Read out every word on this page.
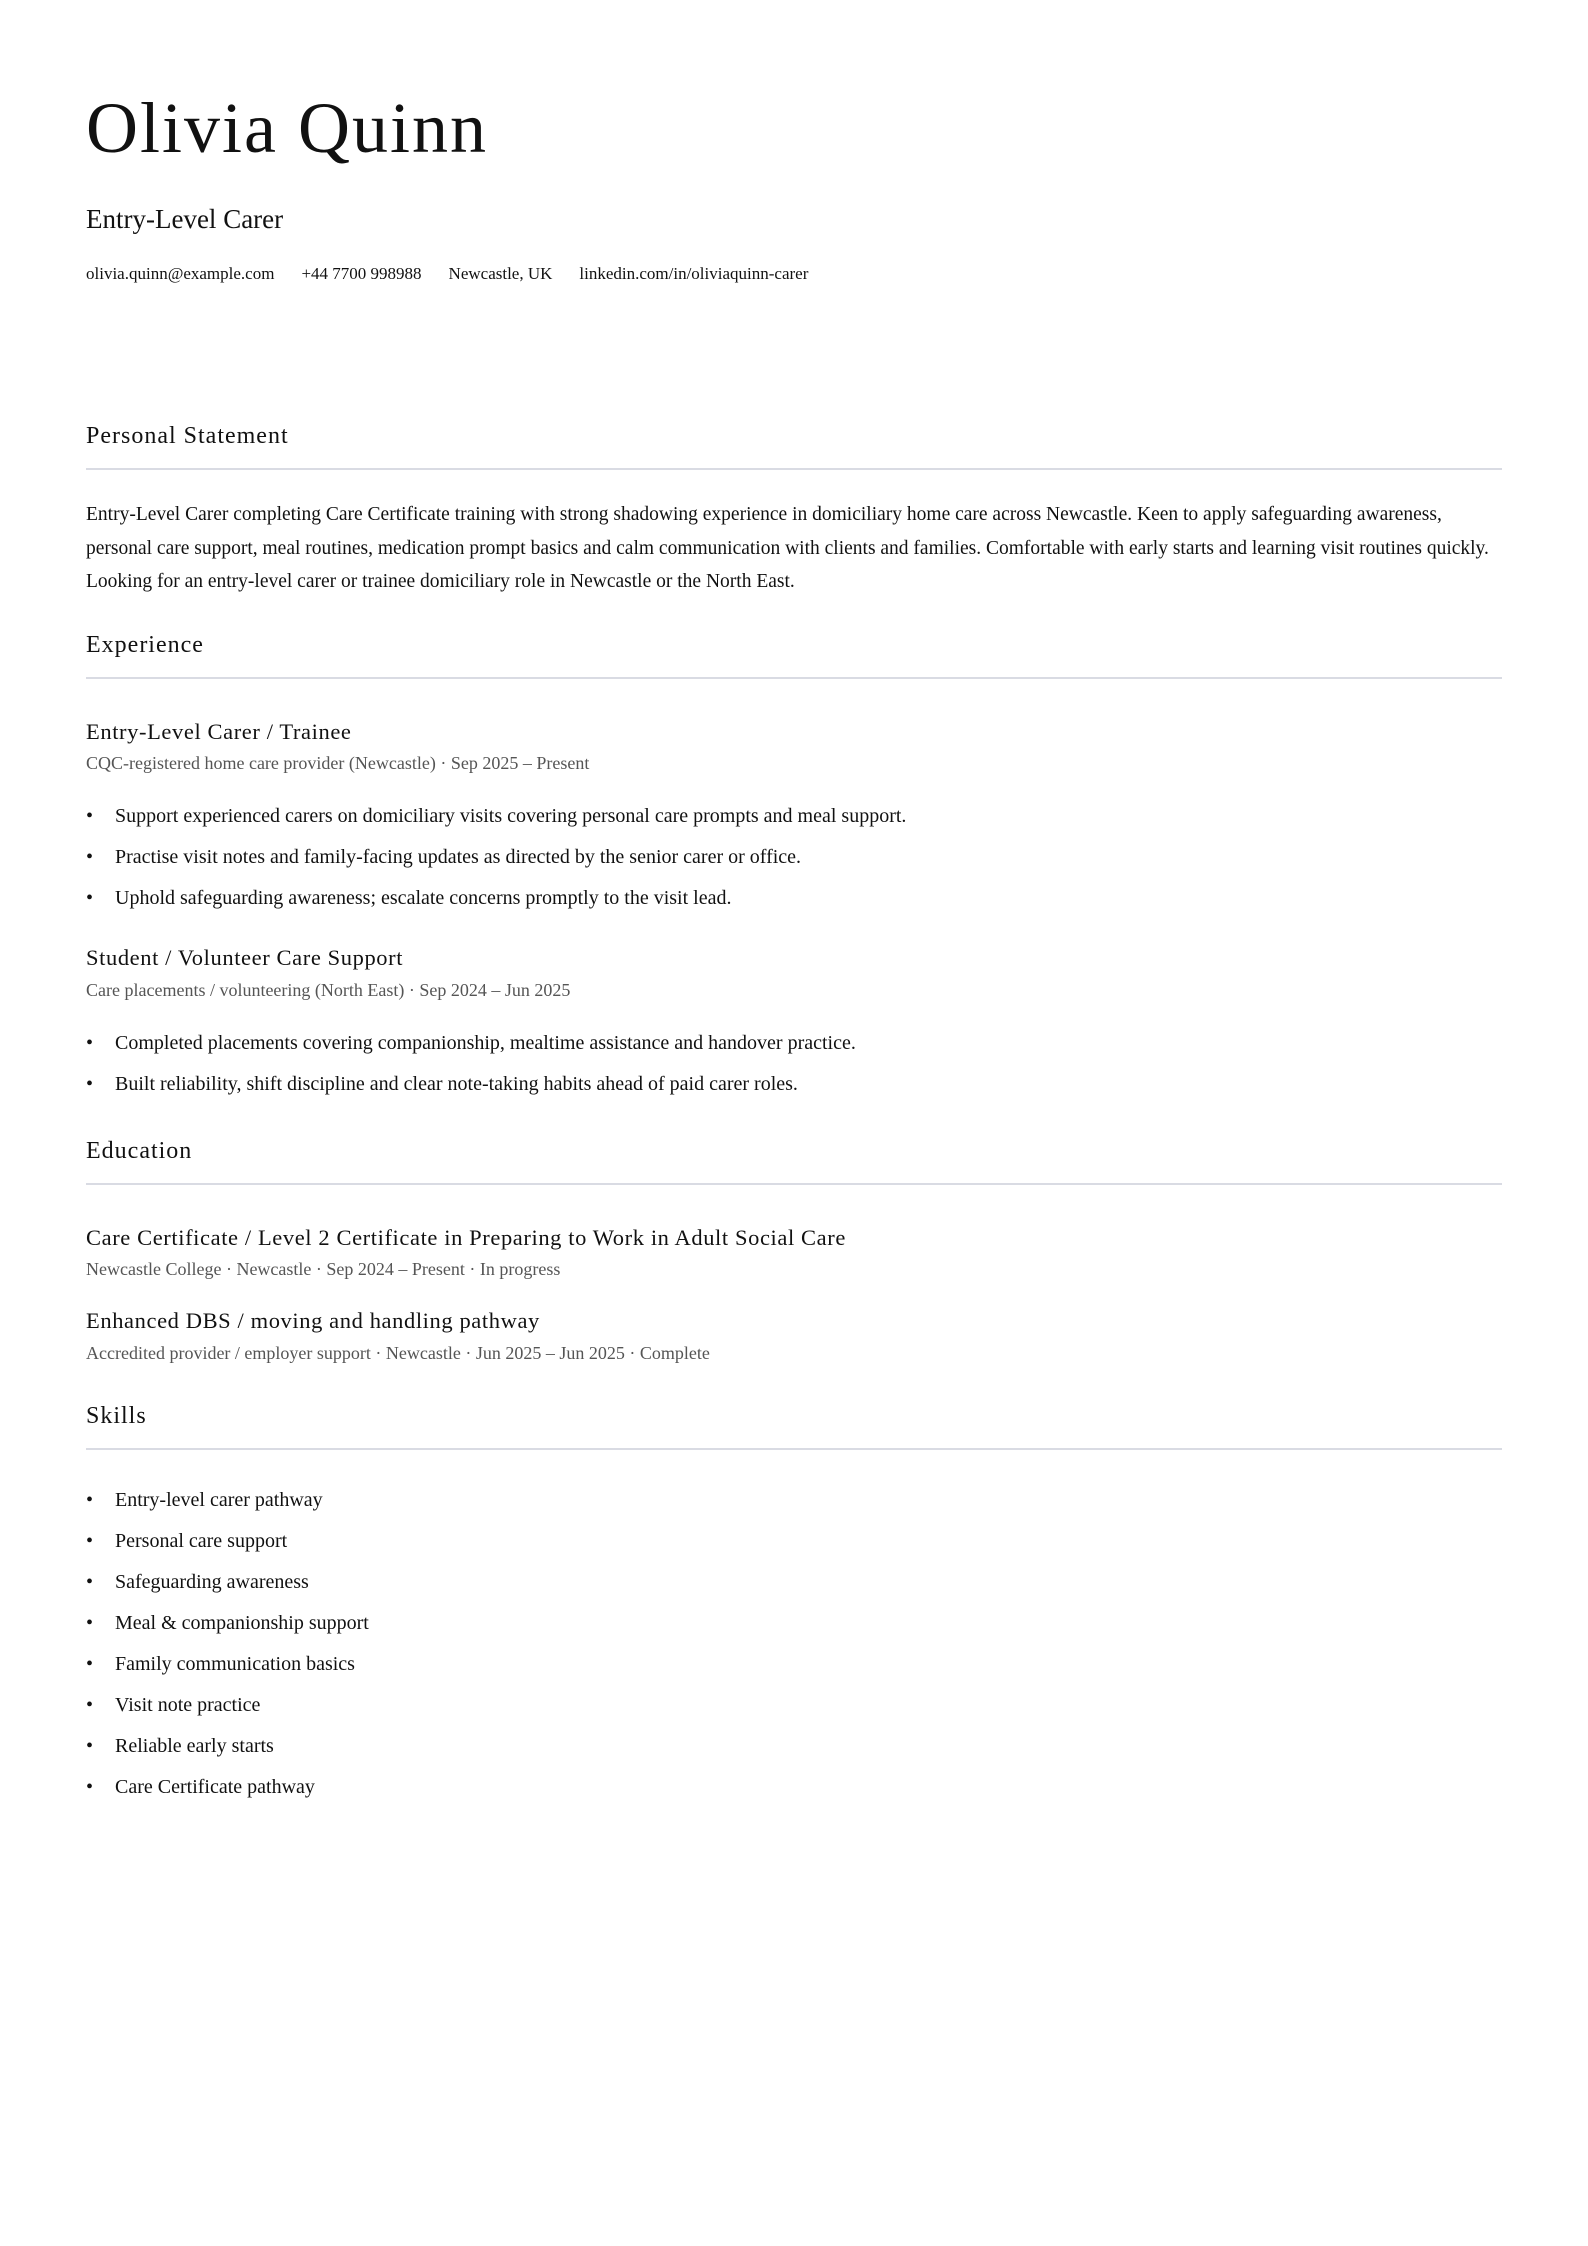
Olivia Quinn
Entry-Level Carer
olivia.quinn@example.com +44 7700 998988 Newcastle, UK linkedin.com/in/oliviaquinn-carer
Personal Statement
Entry-Level Carer completing Care Certificate training with strong shadowing experience in domiciliary home care across Newcastle. Keen to apply safeguarding awareness, personal care support, meal routines, medication prompt basics and calm communication with clients and families. Comfortable with early starts and learning visit routines quickly. Looking for an entry-level carer or trainee domiciliary role in Newcastle or the North East.
Experience
Entry-Level Carer / Trainee
CQC-registered home care provider (Newcastle) · Sep 2025 – Present
• Support experienced carers on domiciliary visits covering personal care prompts and meal support.
• Practise visit notes and family-facing updates as directed by the senior carer or office.
• Uphold safeguarding awareness; escalate concerns promptly to the visit lead.
Student / Volunteer Care Support
Care placements / volunteering (North East) · Sep 2024 – Jun 2025
• Completed placements covering companionship, mealtime assistance and handover practice.
• Built reliability, shift discipline and clear note-taking habits ahead of paid carer roles.
Education
Care Certificate / Level 2 Certificate in Preparing to Work in Adult Social Care
Newcastle College · Newcastle · Sep 2024 – Present · In progress
Enhanced DBS / moving and handling pathway
Accredited provider / employer support · Newcastle · Jun 2025 – Jun 2025 · Complete
Skills
• Entry-level carer pathway
• Personal care support
• Safeguarding awareness
• Meal & companionship support
• Family communication basics
• Visit note practice
• Reliable early starts
• Care Certificate pathway
